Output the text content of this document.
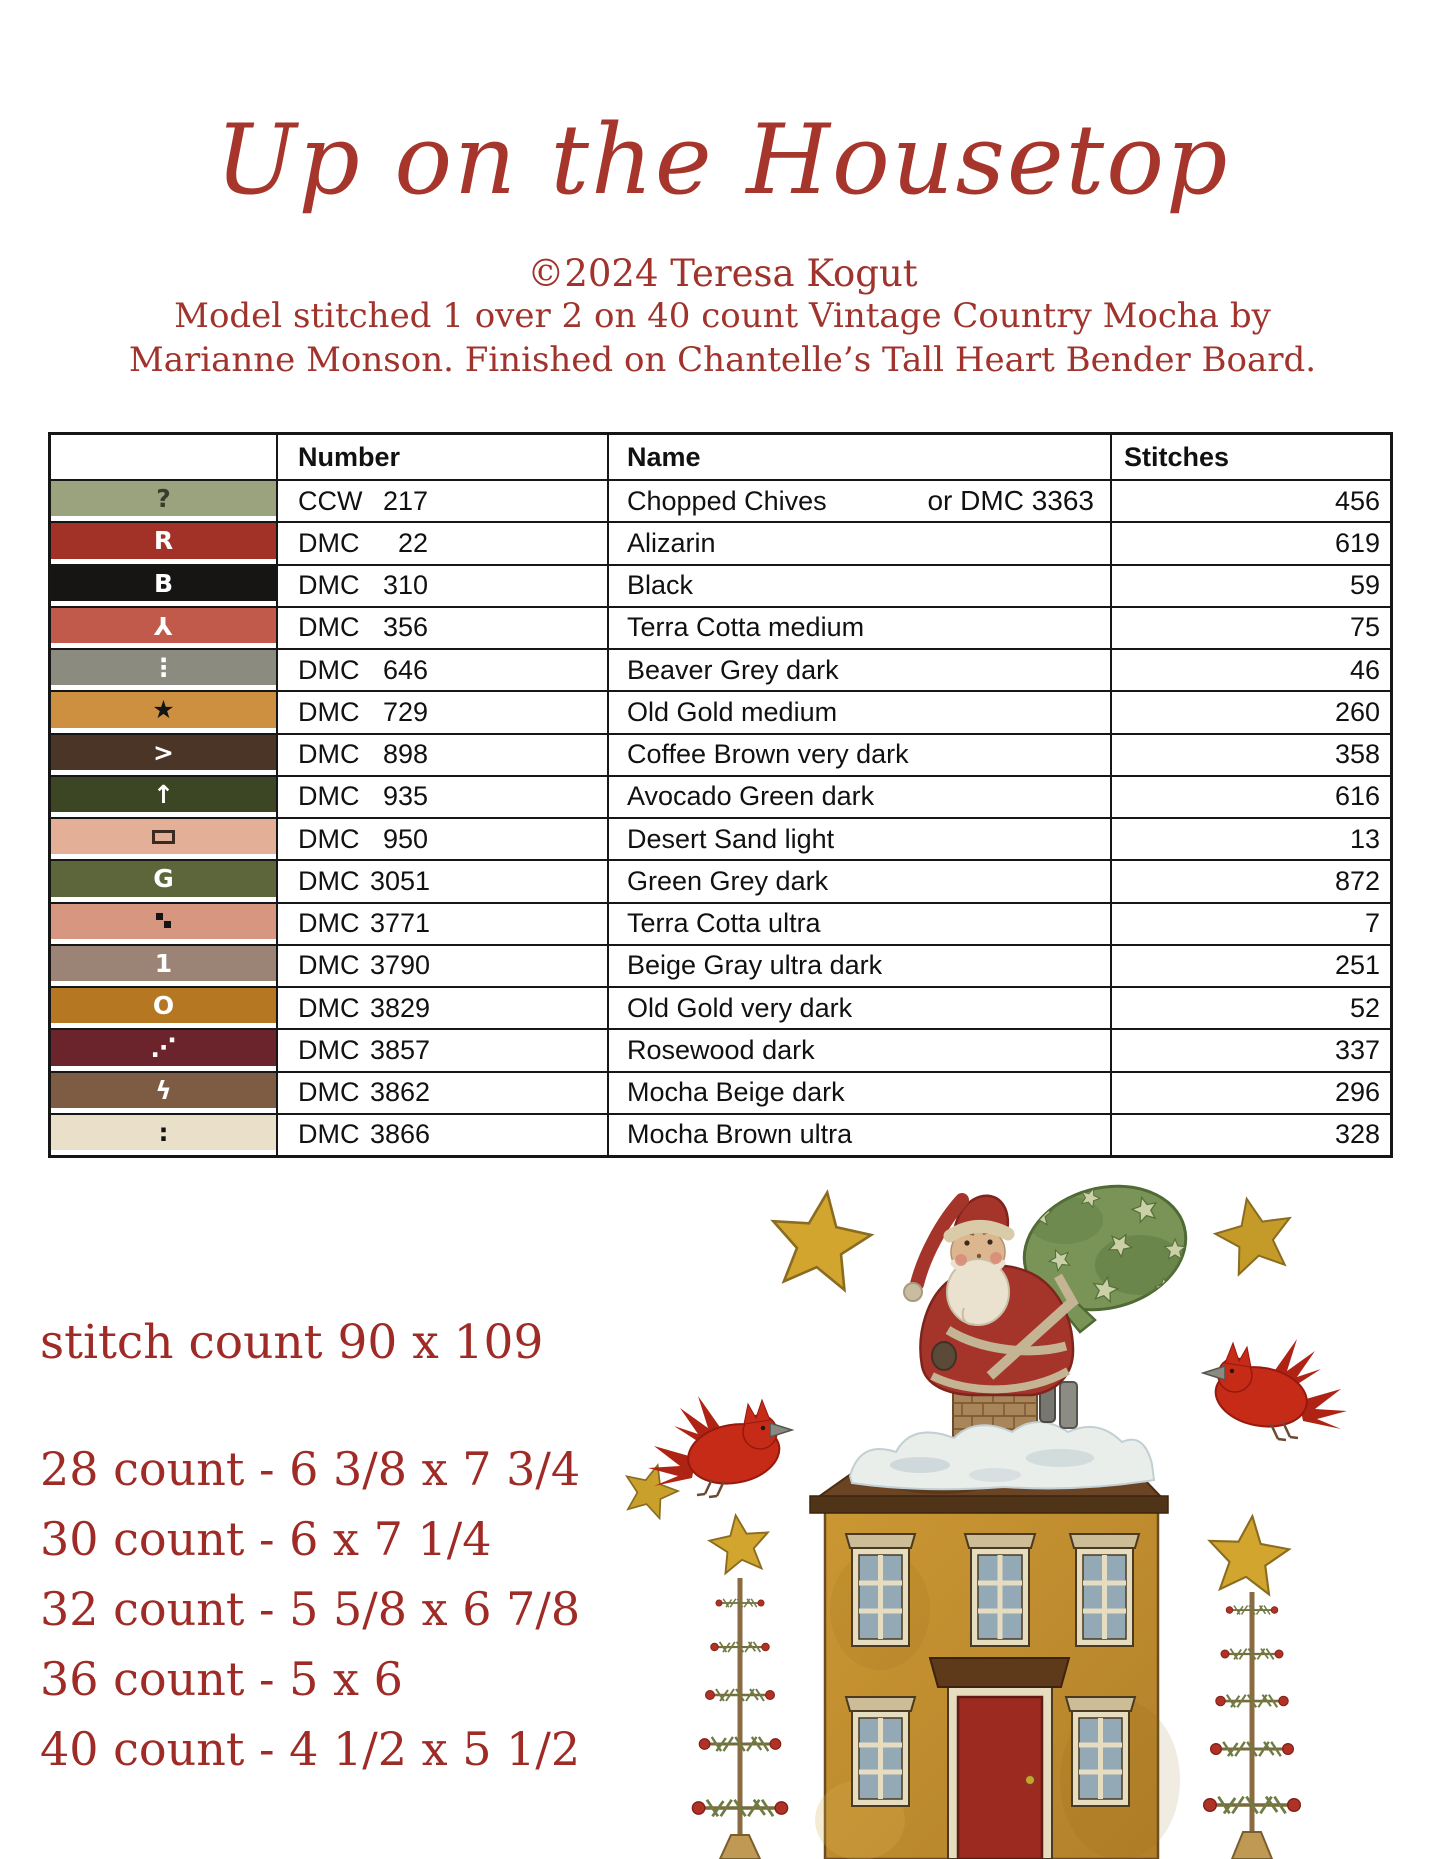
Up on the Housetop
©2024 Teresa Kogut
Model stitched 1 over 2 on 40 count Vintage Country Mocha by
Marianne Monson. Finished on Chantelle’s Tall Heart Bender Board.
Number	Name	Stitches
?	CCW 217	Chopped Chives	or DMC 3363	456
R	DMC	22	Alizarin	619
B	DMC 310	Black	59
Y	DMC 356	Terra Cotta medium	75
⋮	DMC 646	Beaver Grey dark	46
★	DMC 729	Old Gold medium	260
>	DMC 898	Coffee Brown very dark	358
↑	DMC 935	Avocado Green dark	616
DMC 950	Desert Sand light	13
G	DMC 3051	Green Grey dark	872
DMC 3771	Terra Cotta ultra	7
1	DMC 3790	Beige Gray ultra dark	251
O	DMC 3829	Old Gold very dark	52
⋰	DMC 3857	Rosewood dark	337
ϟ	DMC 3862	Mocha Beige dark	296
:	DMC 3866	Mocha Brown ultra	328
stitch count 90 x 109
28 count - 6 3/8 x 7 3/4
30 count - 6 x 7 1/4
32 count - 5 5/8 x 6 7/8
36 count - 5 x 6
40 count - 4 1/2 x 5 1/2
